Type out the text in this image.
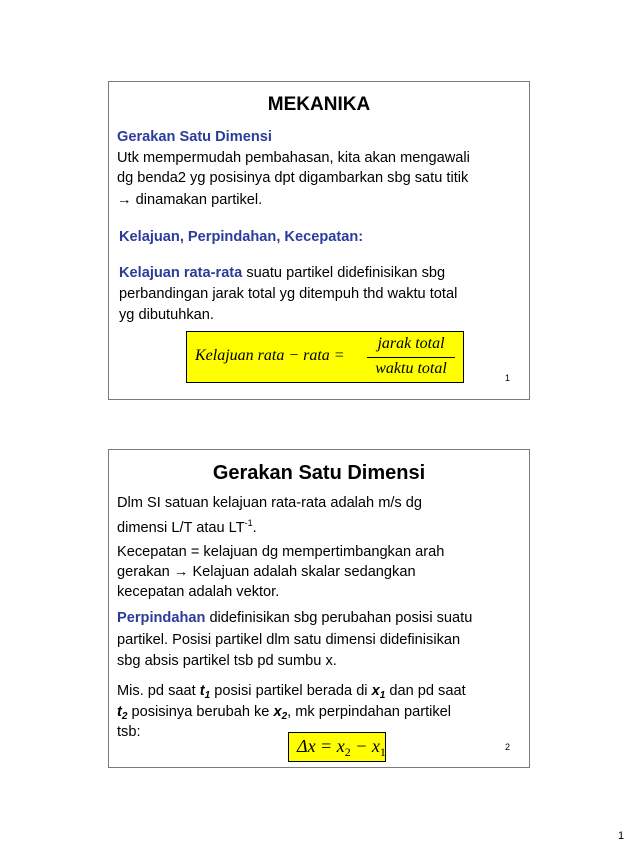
MEKANIKA
Gerakan Satu Dimensi
Utk mempermudah pembahasan, kita akan mengawali
dg benda2 yg posisinya dpt digambarkan sbg satu titik
→ dinamakan partikel.
Kelajuan, Perpindahan, Kecepatan:
Kelajuan rata-rata suatu partikel didefinisikan sbg
perbandingan jarak total yg ditempuh thd waktu total
yg dibutuhkan.
Kelajuan rata − rata =
jarak total
waktu total
1
Gerakan Satu Dimensi
Dlm SI satuan kelajuan rata-rata adalah m/s dg
dimensi L/T atau $LT^{-1}$.
Kecepatan = kelajuan dg mempertimbangkan arah
gerakan → Kelajuan adalah skalar sedangkan
kecepatan adalah vektor.
Perpindahan didefinisikan sbg perubahan posisi suatu
partikel. Posisi partikel dlm satu dimensi didefinisikan
sbg absis partikel tsb pd sumbu x.
Mis. pd saat $t_1$ posisi partikel berada di $x_1$ dan pd saat
$t_2$ posisinya berubah ke $x_2$, mk perpindahan partikel
tsb:
$\Delta x = x_2 - x_1$	2
1
